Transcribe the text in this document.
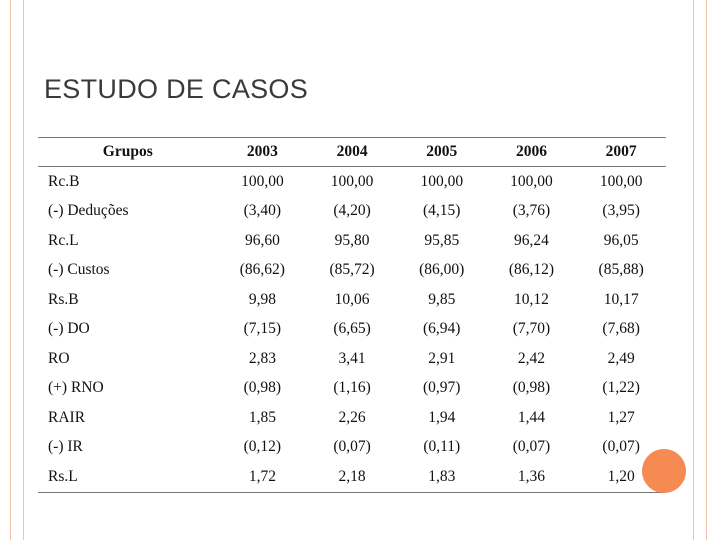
ESTUDO DE CASOS
Grupos	2003	2004	2005	2006	2007
Rc.B	100,00	100,00	100,00	100,00	100,00
(-) Deduções	(3,40)	(4,20)	(4,15)	(3,76)	(3,95)
Rc.L	96,60	95,80	95,85	96,24	96,05
(-) Custos	(86,62)	(85,72)	(86,00)	(86,12)	(85,88)
Rs.B	9,98	10,06	9,85	10,12	10,17
(-) DO	(7,15)	(6,65)	(6,94)	(7,70)	(7,68)
RO	2,83	3,41	2,91	2,42	2,49
(+) RNO	(0,98)	(1,16)	(0,97)	(0,98)	(1,22)
RAIR	1,85	2,26	1,94	1,44	1,27
(-) IR	(0,12)	(0,07)	(0,11)	(0,07)	(0,07)
Rs.L	1,72	2,18	1,83	1,36	1,20
